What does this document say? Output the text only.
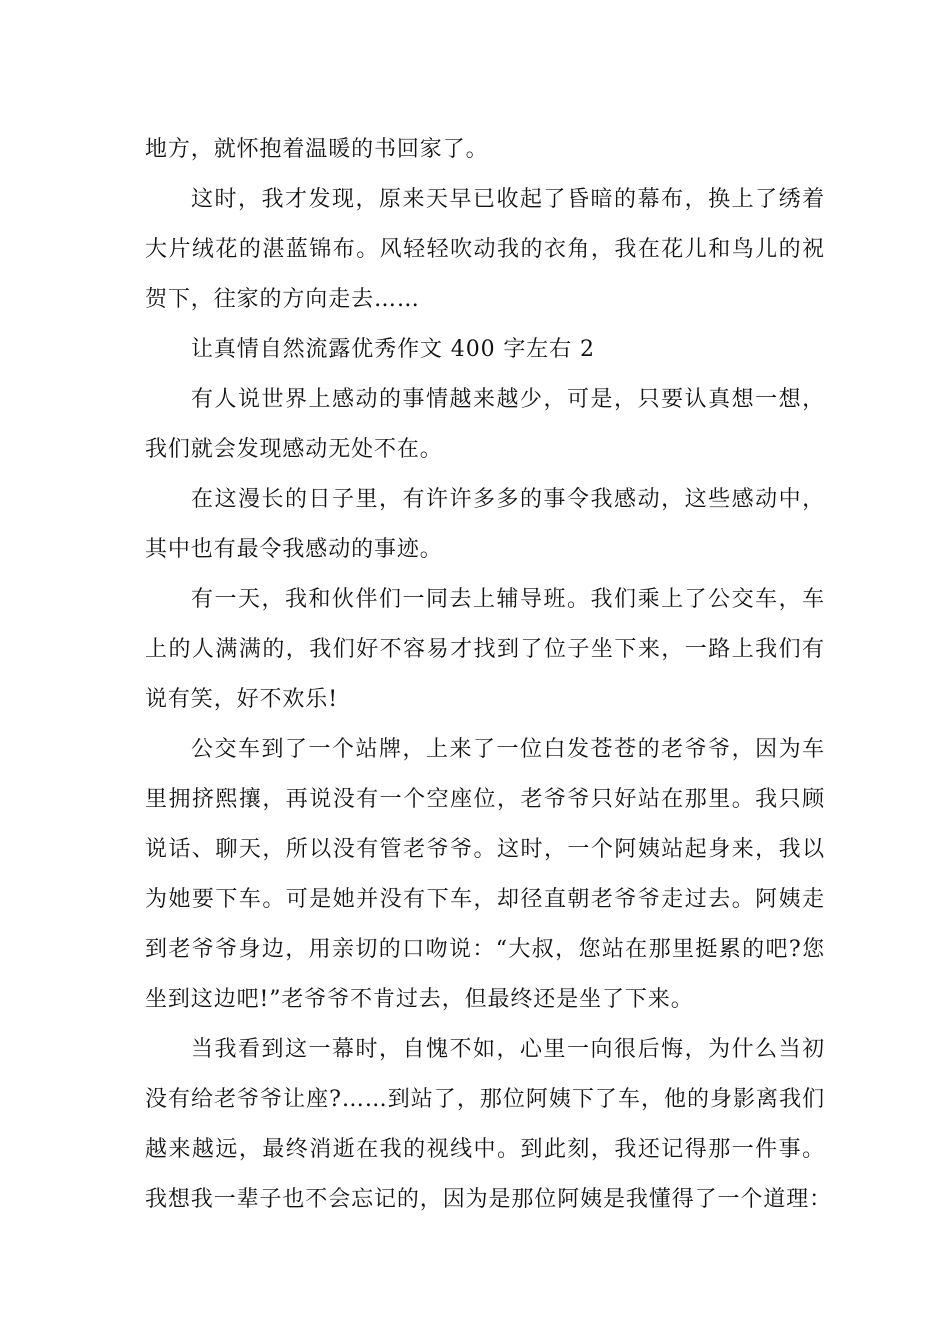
地方，就怀抱着温暖的书回家了。
这时，我才发现，原来天早已收起了昏暗的幕布，换上了绣着
大片绒花的湛蓝锦布。风轻轻吹动我的衣角，我在花儿和鸟儿的祝
贺下，往家的方向走去……
让真情自然流露优秀作文 400 字左右 2
有人说世界上感动的事情越来越少，可是，只要认真想一想，
我们就会发现感动无处不在。
在这漫长的日子里，有许许多多的事令我感动，这些感动中，
其中也有最令我感动的事迹。
有一天，我和伙伴们一同去上辅导班。我们乘上了公交车，车
上的人满满的，我们好不容易才找到了位子坐下来，一路上我们有
说有笑，好不欢乐!
公交车到了一个站牌，上来了一位白发苍苍的老爷爷，因为车
里拥挤熙攘，再说没有一个空座位，老爷爷只好站在那里。我只顾
说话、聊天，所以没有管老爷爷。这时，一个阿姨站起身来，我以
为她要下车。可是她并没有下车，却径直朝老爷爷走过去。阿姨走
到老爷爷身边，用亲切的口吻说：“大叔，您站在那里挺累的吧?您
坐到这边吧!”老爷爷不肯过去，但最终还是坐了下来。
当我看到这一幕时，自愧不如，心里一向很后悔，为什么当初
没有给老爷爷让座?……到站了，那位阿姨下了车，他的身影离我们
越来越远，最终消逝在我的视线中。到此刻，我还记得那一件事。
我想我一辈子也不会忘记的，因为是那位阿姨是我懂得了一个道理：
